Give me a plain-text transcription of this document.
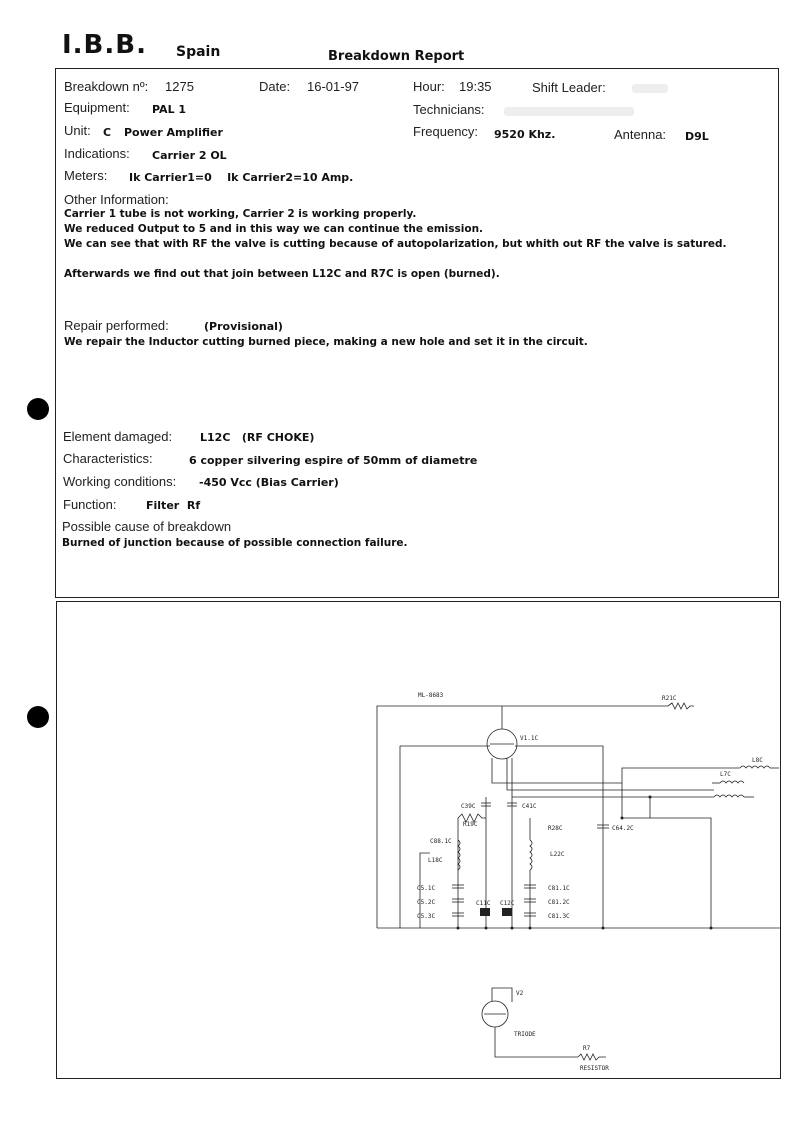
I.B.B. Spain	Breakdown Report
Breakdown nº: 1275	Date: 16-01-97	Hour: 19:35	Shift Leader:
Equipment: PAL 1	Technicians:
Unit: C Power Amplifier	Frequency: 9520 Khz.	Antenna: D9L
Indications: Carrier 2 OL
Meters: Ik Carrier1=0    Ik Carrier2=10 Amp.
Other Information:
Carrier 1 tube is not working, Carrier 2 is working properly.
We reduced Output to 5 and in this way we can continue the emission.
We can see that with RF the valve is cutting because of autopolarization, but whith out RF the valve is satured.
Afterwards we find out that join between L12C and R7C is open (burned).
Repair performed:	(Provisional)
We repair the Inductor cutting burned piece, making a new hole and set it in the circuit.
Element damaged:	L12C   (RF CHOKE)
Characteristics:	6 copper silvering espire of 50mm of diametre
Working conditions: -450 Vcc (Bias Carrier)
Function:	Filter  Rf
Possible cause of breakdown
Burned of junction because of possible connection failure.
ML-8683	R21C
V1.1C
L8C
L7C
C39C	C41C
R19C
R28C	C64.2C
C88.1C
L18C
L22C
C5.1C
C5.2C
C5.3C
C11C C12C
C81.1C
C81.2C
C81.3C
V2
TRIODE
R7
RESISTOR
